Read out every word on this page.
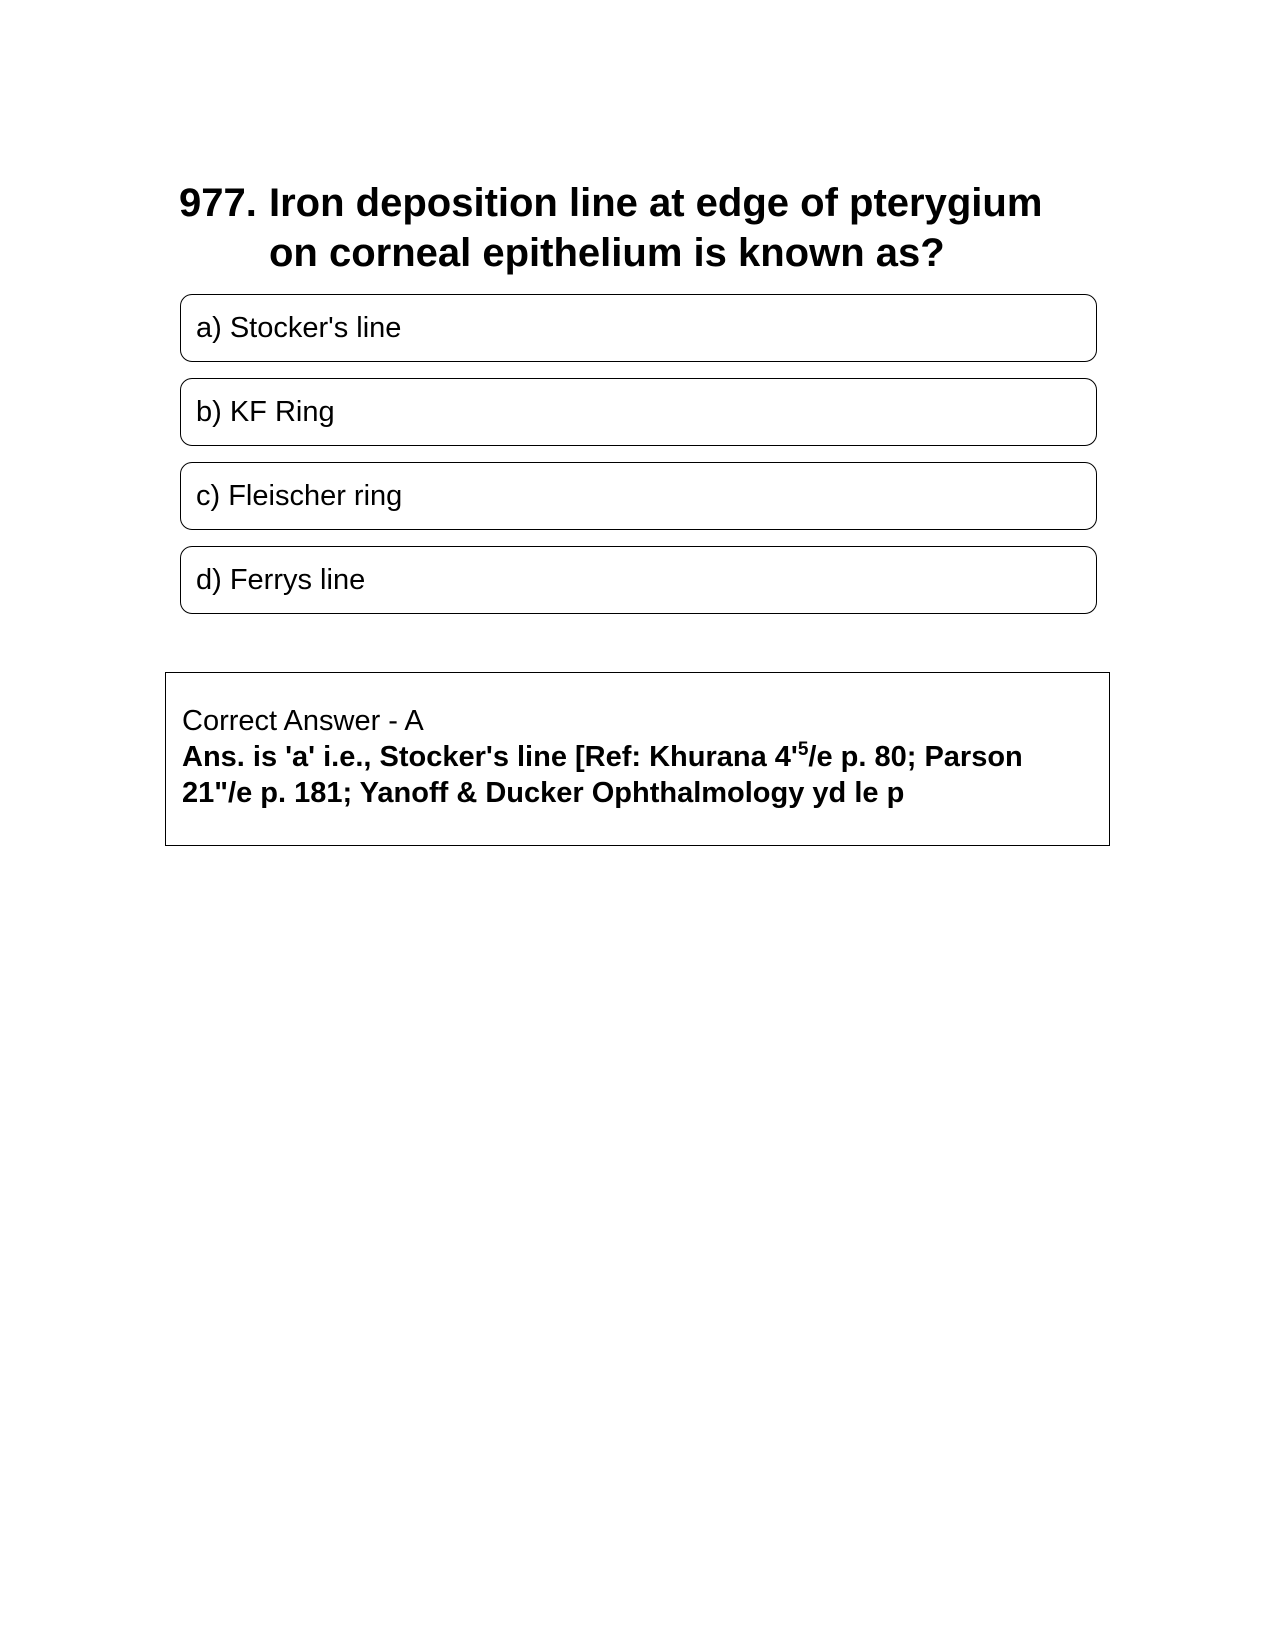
977. Iron deposition line at edge of pterygium on corneal epithelium is known as?
a) Stocker's line
b) KF Ring
c) Fleischer ring
d) Ferrys line
Correct Answer - A
Ans. is 'a' i.e., Stocker's line [Ref: Khurana $4'^5/e$ p. 80; Parson 21"/e p. 181; Yanoff & Ducker Ophthalmology yd le p
